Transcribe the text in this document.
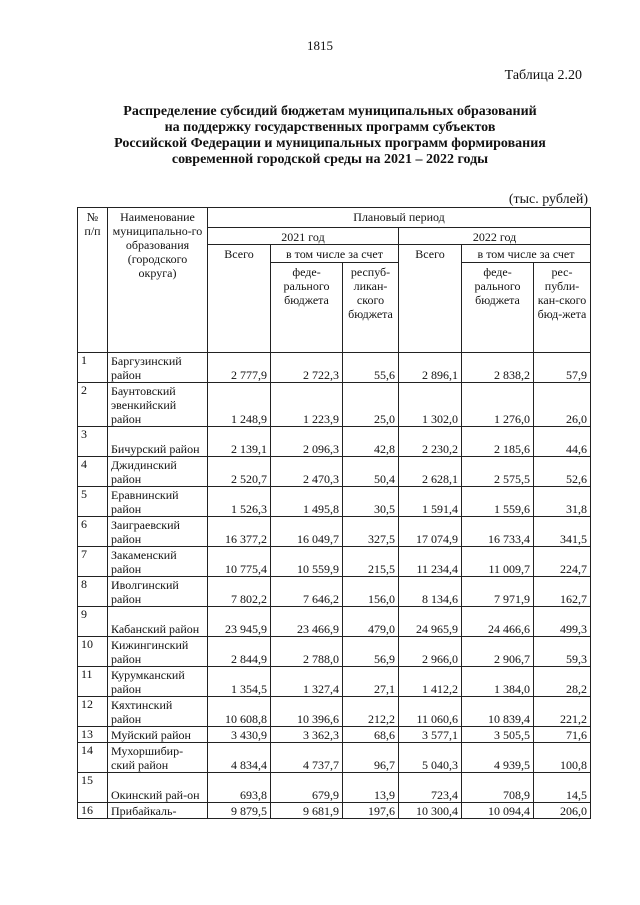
1815
Таблица 2.20
Распределение субсидий бюджетам муниципальных образований
на поддержку государственных программ субъектов
Российской Федерации и муниципальных программ формирования
современной городской среды на 2021 – 2022 годы
(тыс. рублей)
№ п/п	Наименование муниципально-го образования (городского округа)	Плановый период					
		2021 год			2022 год		
		Всего	в том числе за счет		Всего	в том числе за счет	
			феде-рального бюджета	респуб-ликан-ского бюджета		феде-рального бюджета	рес-публи-кан-ского бюд-жета
1	Баргузинский район	2 777,9	2 722,3	55,6	2 896,1	2 838,2	57,9
2	Баунтовский эвенкийский район	1 248,9	1 223,9	25,0	1 302,0	1 276,0	26,0
3	Бичурский район	2 139,1	2 096,3	42,8	2 230,2	2 185,6	44,6
4	Джидинский район	2 520,7	2 470,3	50,4	2 628,1	2 575,5	52,6
5	Еравнинский район	1 526,3	1 495,8	30,5	1 591,4	1 559,6	31,8
6	Заиграевский район	16 377,2	16 049,7	327,5	17 074,9	16 733,4	341,5
7	Закаменский район	10 775,4	10 559,9	215,5	11 234,4	11 009,7	224,7
8	Иволгинский район	7 802,2	7 646,2	156,0	8 134,6	7 971,9	162,7
9	Кабанский район	23 945,9	23 466,9	479,0	24 965,9	24 466,6	499,3
10	Кижингинский район	2 844,9	2 788,0	56,9	2 966,0	2 906,7	59,3
11	Курумканский район	1 354,5	1 327,4	27,1	1 412,2	1 384,0	28,2
12	Кяхтинский район	10 608,8	10 396,6	212,2	11 060,6	10 839,4	221,2
13	Муйский район	3 430,9	3 362,3	68,6	3 577,1	3 505,5	71,6
14	Мухоршибир-ский район	4 834,4	4 737,7	96,7	5 040,3	4 939,5	100,8
15	Окинский рай-он	693,8	679,9	13,9	723,4	708,9	14,5
16	Прибайкаль-	9 879,5	9 681,9	197,6	10 300,4	10 094,4	206,0
